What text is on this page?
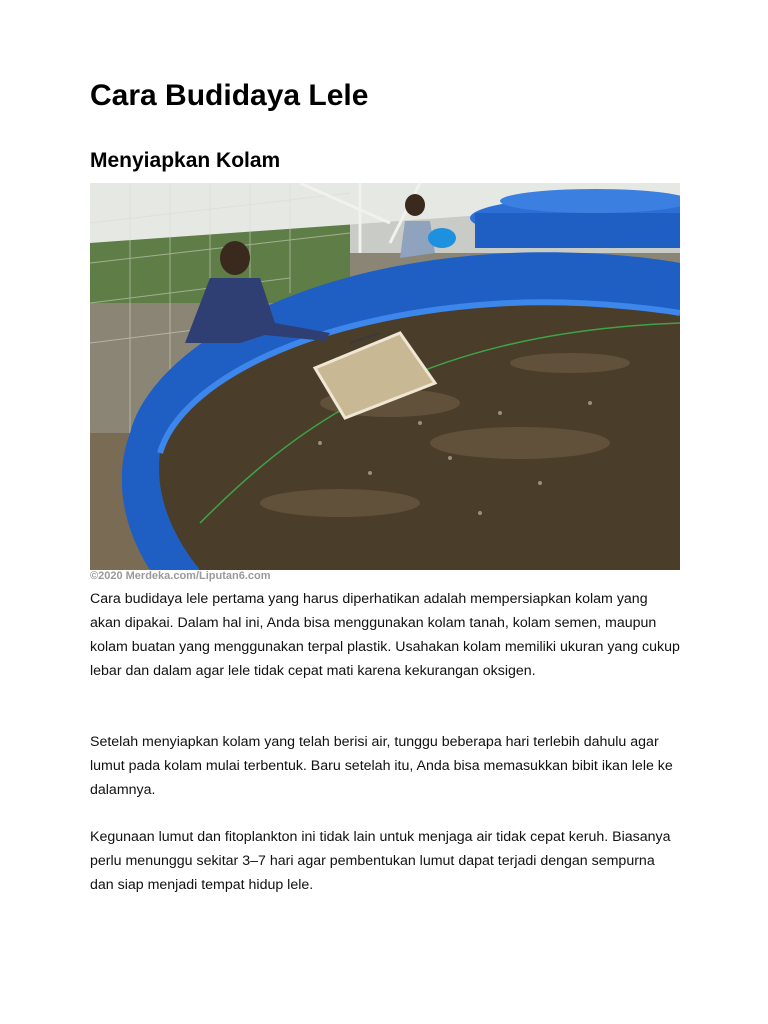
Cara Budidaya Lele
Menyiapkan Kolam
©2020 Merdeka.com/Liputan6.com

Cara budidaya lele pertama yang harus diperhatikan adalah mempersiapkan kolam yang akan dipakai. Dalam hal ini, Anda bisa menggunakan kolam tanah, kolam semen, maupun kolam buatan yang menggunakan terpal plastik. Usahakan kolam memiliki ukuran yang cukup lebar dan dalam agar lele tidak cepat mati karena kekurangan oksigen.

Setelah menyiapkan kolam yang telah berisi air, tunggu beberapa hari terlebih dahulu agar lumut pada kolam mulai terbentuk. Baru setelah itu, Anda bisa memasukkan bibit ikan lele ke dalamnya.

Kegunaan lumut dan fitoplankton ini tidak lain untuk menjaga air tidak cepat keruh. Biasanya perlu menunggu sekitar 3–7 hari agar pembentukan lumut dapat terjadi dengan sempurna dan siap menjadi tempat hidup lele.
